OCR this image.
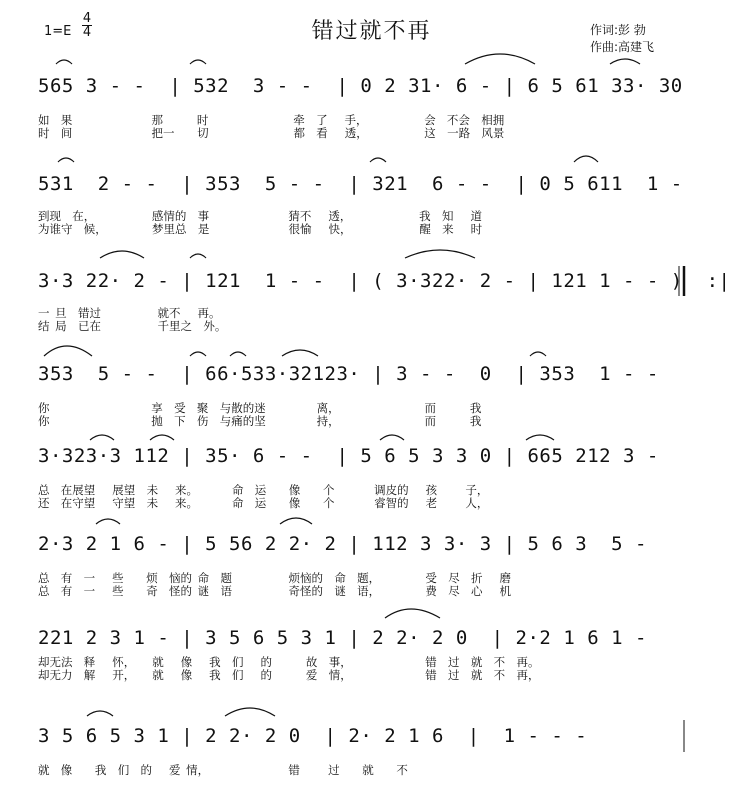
1=E
4
4	错过就不再	作词:彭 勃
作曲:高建飞
565 3 - -  | 532  3 - -  | 0 2 31· 6 - | 6 5 61 33· 30
如  果              那      时               牵  了   手，          会  不会  相拥
时  间              把一    切               都  看   透，          这  一路  风景
531  2 - -  | 353  5 - -  | 321  6 - -  | 0 5 611  1 -
到现  在，          感情的  事              猜不   透，            我  知   道
为谁守  候，        梦里总  是              很愉   快，            醒  来   时
3·3 22· 2 - | 121  1 - -  | ( 3·322· 2 - | 121 1 - - )  :|
一 旦  错过          就不   再。
结 局  已在          千里之  外。
353  5 - -  | 66·533·32123· | 3 - -  0  | 353  1 - -
你                  享  受  聚  与散的迷         离，               而      我
你                  抛  下  伤  与痛的坚         持，               而      我
3·323·3 112 | 35· 6 - -  | 5 6 5 3 3 0 | 665 212 3 -
总  在展望   展望  未   来。      命  运    像    个       调皮的   孩     子，
还  在守望   守望  未   来。      命  运    像    个       睿智的   老     人，
2·3 2 1 6 - | 5 56 2 2· 2 | 112 3 3· 3 | 5 6 3  5 -
总  有  一   些    烦  恼的 命  题          烦恼的  命  题，        受  尽  折   磨
总  有  一   些    奇  怪的 谜  语          奇怪的  谜  语，        费  尽  心   机
221 2 3 1 - | 3 5 6 5 3 1 | 2 2· 2 0  | 2·2 1 6 1 -
却无法  释   怀，   就   像   我  们   的      故  事，             错  过  就  不  再。
却无力  解   开，   就   像   我  们   的      爱  情，             错  过  就  不  再，
3 5 6 5 3 1 | 2 2· 2 0  | 2· 2 1 6  |  1 - - -
就  像    我  们  的   爱 情，              错     过    就    不
